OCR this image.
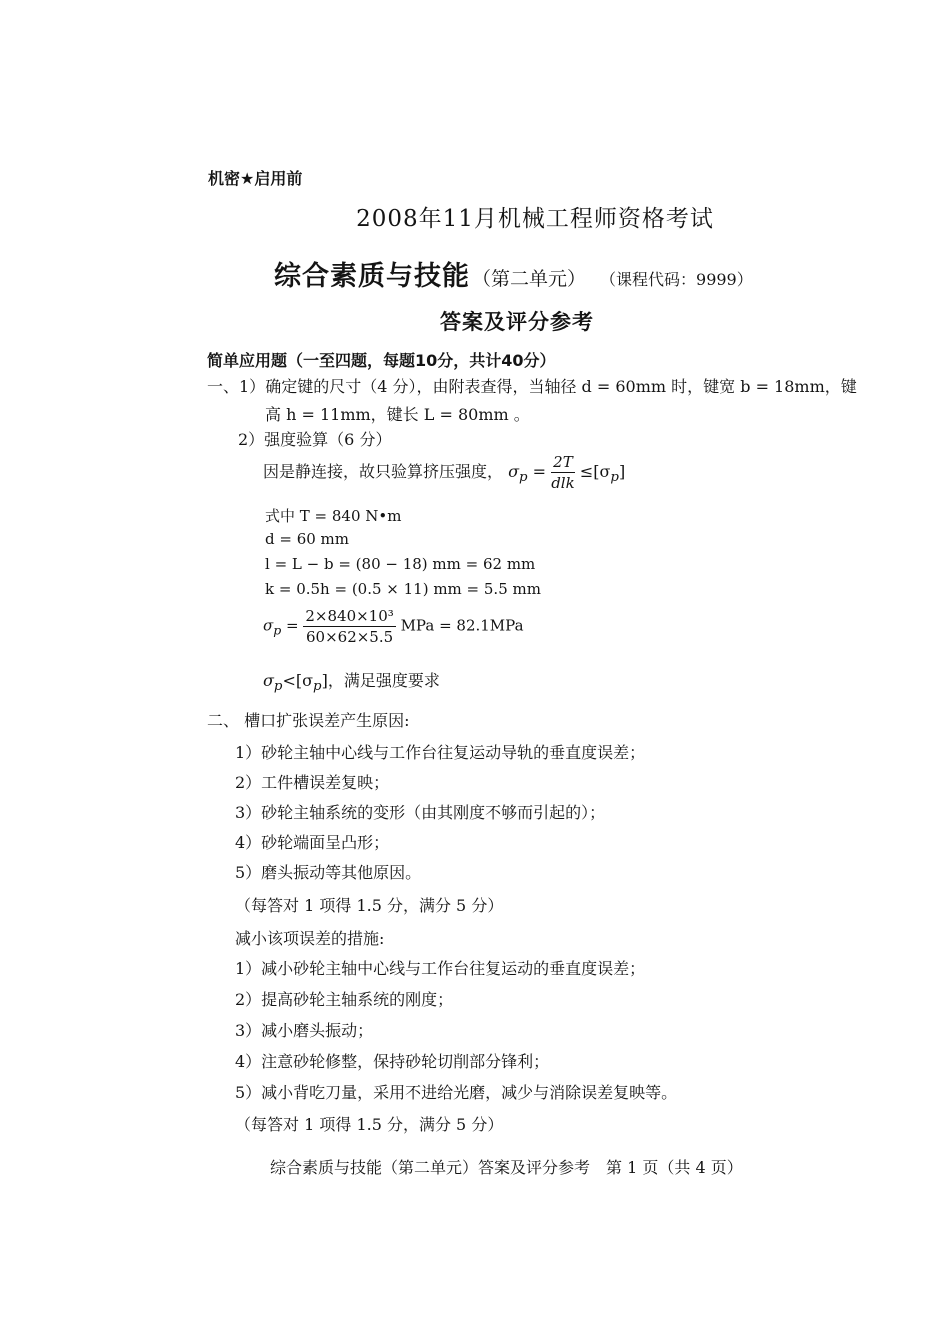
机密★启用前
2008年11月机械工程师资格考试
综合素质与技能 （第二单元） （课程代码：9999）
答案及评分参考
简单应用题（一至四题，每题10分，共计40分）
一、1）确定键的尺寸（4 分），由附表查得，当轴径 d = 60mm 时，键宽 b = 18mm，键
高 h = 11mm，键长 L = 80mm 。
2）强度验算（6 分）
因是静连接，故只验算挤压强度， $\sigma_p = \frac{2T}{\text{dlk}} \le[\sigma_p]$
式中 T = 840 N•m
d = 60 mm
l = L − b = (80 − 18) mm = 62 mm
k = 0.5h = (0.5 × 11) mm = 5.5 mm
$\sigma_p = \frac{\text{2×840×10³}}{60\times 62\times 5.5}$ MPa = 82.1MPa
$\sigma_p<[\sigma_p]$，满足强度要求
二、 槽口扩张误差产生原因:
1）砂轮主轴中心线与工作台往复运动导轨的垂直度误差；
2）工件槽误差复映；
3）砂轮主轴系统的变形（由其刚度不够而引起的）；
4）砂轮端面呈凸形；
5）磨头振动等其他原因。
（每答对 1 项得 1.5 分，满分 5 分）
减小该项误差的措施:
1）减小砂轮主轴中心线与工作台往复运动的垂直度误差；
2）提高砂轮主轴系统的刚度；
3）减小磨头振动；
4）注意砂轮修整，保持砂轮切削部分锋利；
5）减小背吃刀量，采用不进给光磨，减少与消除误差复映等。
（每答对 1 项得 1.5 分，满分 5 分）
综合素质与技能（第二单元）答案及评分参考　第 1 页（共 4 页）
